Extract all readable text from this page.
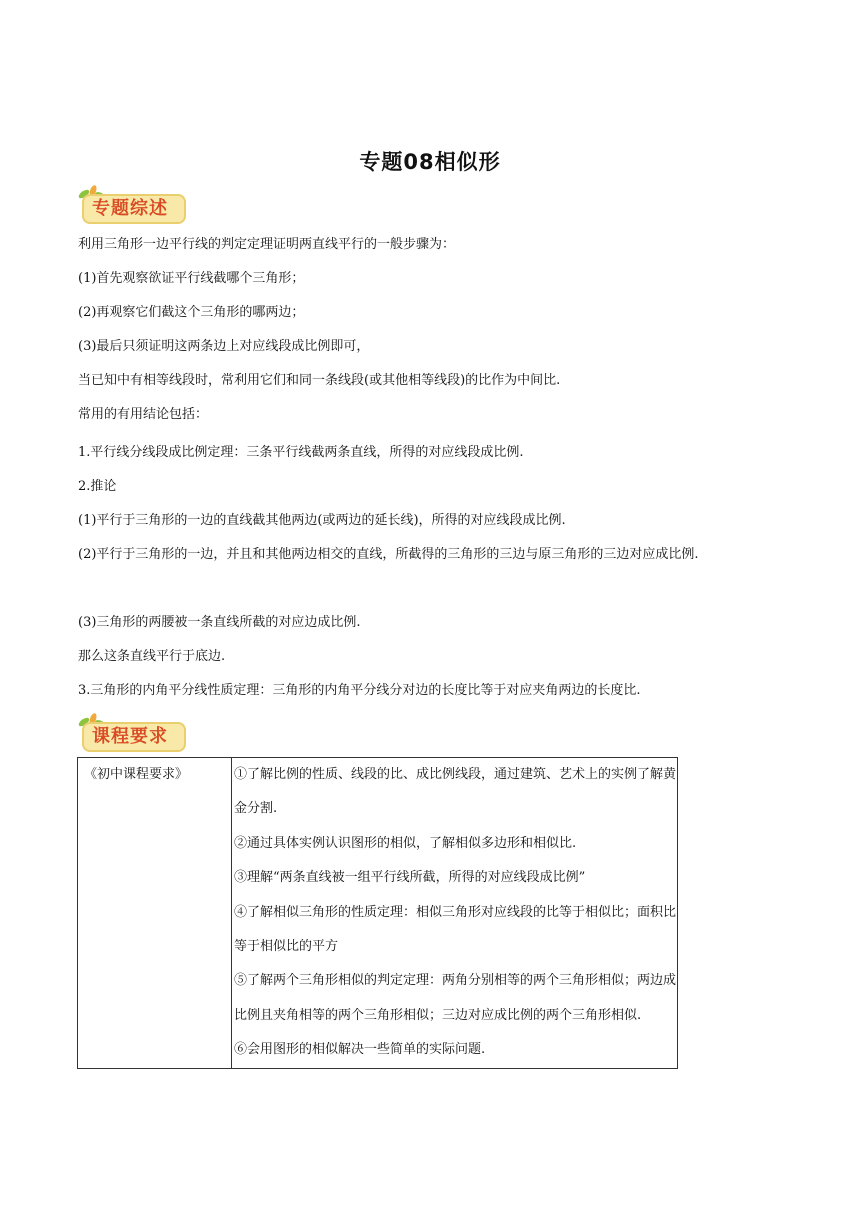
专题08相似形
专题综述

利用三角形一边平行线的判定定理证明两直线平行的一般步骤为：

(1)首先观察欲证平行线截哪个三角形；

(2)再观察它们截这个三角形的哪两边；

(3)最后只须证明这两条边上对应线段成比例即可，

当已知中有相等线段时，常利用它们和同一条线段(或其他相等线段)的比作为中间比.

常用的有用结论包括：

1.平行线分线段成比例定理：三条平行线截两条直线，所得的对应线段成比例.

2.推论

(1)平行于三角形的一边的直线截其他两边(或两边的延长线)，所得的对应线段成比例.

(2)平行于三角形的一边，并且和其他两边相交的直线，所截得的三角形的三边与原三角形的三边对应成比例.

(3)三角形的两腰被一条直线所截的对应边成比例.

那么这条直线平行于底边.

3.三角形的内角平分线性质定理：三角形的内角平分线分对边的长度比等于对应夹角两边的长度比.

课程要求
《初中课程要求》	①了解比例的性质、线段的比、成比例线段，通过建筑、艺术上的实例了解黄金分割.

②通过具体实例认识图形的相似，了解相似多边形和相似比.

③理解“两条直线被一组平行线所截，所得的对应线段成比例”

④了解相似三角形的性质定理：相似三角形对应线段的比等于相似比；面积比等于相似比的平方

⑤了解两个三角形相似的判定定理：两角分别相等的两个三角形相似；两边成比例且夹角相等的两个三角形相似；三边对应成比例的两个三角形相似.

⑥会用图形的相似解决一些简单的实际问题.
